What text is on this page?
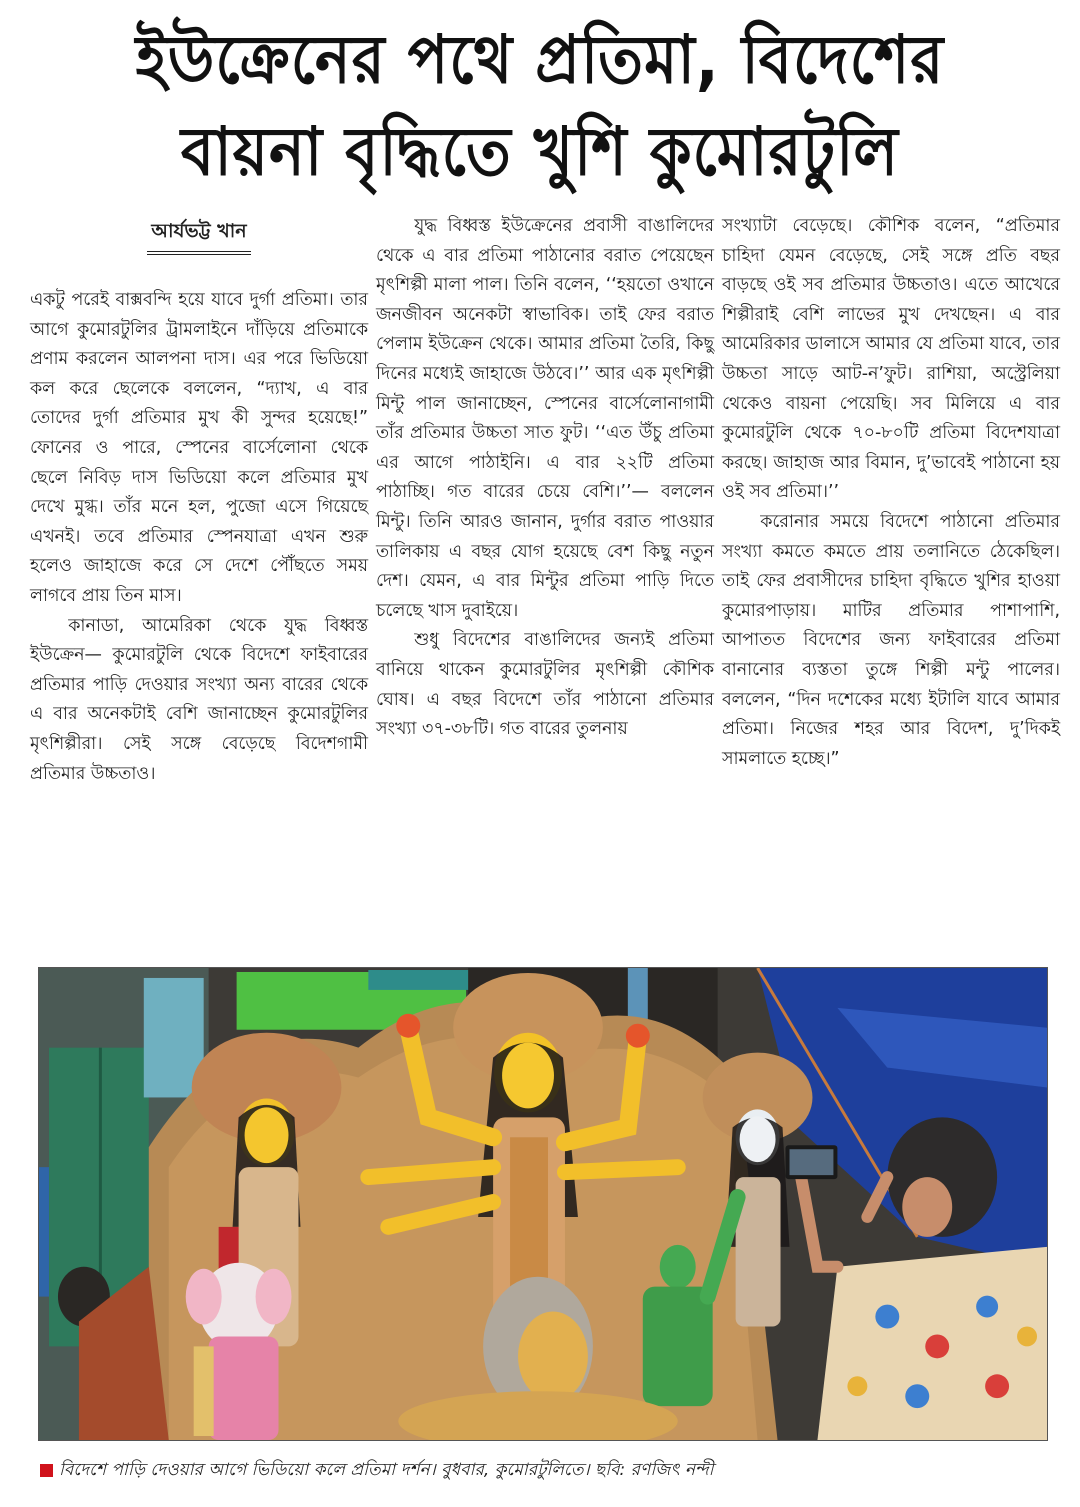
ইউক্রেনের পথে প্রতিমা, বিদেশের
বায়না বৃদ্ধিতে খুশি কুমোরটুলি
আর্যভট্ট খান

একটু পরেই বাক্সবন্দি হয়ে যাবে দুর্গা প্রতিমা। তার আগে কুমোরটুলির ট্রামলাইনে দাঁড়িয়ে প্রতিমাকে প্রণাম করলেন আলপনা দাস। এর পরে ভিডিয়ো কল করে ছেলেকে বললেন, “দ্যাখ, এ বার তোদের দুর্গা প্রতিমার মুখ কী সুন্দর হয়েছে!” ফোনের ও পারে, স্পেনের বার্সেলোনা থেকে ছেলে নিবিড় দাস ভিডিয়ো কলে প্রতিমার মুখ দেখে মুগ্ধ। তাঁর মনে হল, পুজো এসে গিয়েছে এখনই। তবে প্রতিমার স্পেনযাত্রা এখন শুরু হলেও জাহাজে করে সে দেশে পৌঁছতে সময় লাগবে প্রায় তিন মাস।

কানাডা, আমেরিকা থেকে যুদ্ধ বিধ্বস্ত ইউক্রেন— কুমোরটুলি থেকে বিদেশে ফাইবারের প্রতিমার পাড়ি দেওয়ার সংখ্যা অন্য বারের থেকে এ বার অনেকটাই বেশি জানাচ্ছেন কুমোরটুলির মৃৎশিল্পীরা। সেই সঙ্গে বেড়েছে বিদেশগামী প্রতিমার উচ্চতাও।

যুদ্ধ বিধ্বস্ত ইউক্রেনের প্রবাসী বাঙালিদের থেকে এ বার প্রতিমা পাঠানোর বরাত পেয়েছেন মৃৎশিল্পী মালা পাল। তিনি বলেন, ‘‘হয়তো ওখানে জনজীবন অনেকটা স্বাভাবিক। তাই ফের বরাত পেলাম ইউক্রেন থেকে। আমার প্রতিমা তৈরি, কিছু দিনের মধ্যেই জাহাজে উঠবে।’’ আর এক মৃৎশিল্পী মিন্টু পাল জানাচ্ছেন, স্পেনের বার্সেলোনাগামী তাঁর প্রতিমার উচ্চতা সাত ফুট। ‘‘এত উঁচু প্রতিমা এর আগে পাঠাইনি। এ বার ২২টি প্রতিমা পাঠাচ্ছি। গত বারের চেয়ে বেশি।’’— বললেন মিন্টু। তিনি আরও জানান, দুর্গার বরাত পাওয়ার তালিকায় এ বছর যোগ হয়েছে বেশ কিছু নতুন দেশ। যেমন, এ বার মিন্টুর প্রতিমা পাড়ি দিতে চলেছে খাস দুবাইয়ে।

শুধু বিদেশের বাঙালিদের জন্যই প্রতিমা বানিয়ে থাকেন কুমোরটুলির মৃৎশিল্পী কৌশিক ঘোষ। এ বছর বিদেশে তাঁর পাঠানো প্রতিমার সংখ্যা ৩৭-৩৮টি। গত বারের তুলনায়

সংখ্যাটা বেড়েছে। কৌশিক বলেন, “প্রতিমার চাহিদা যেমন বেড়েছে, সেই সঙ্গে প্রতি বছর বাড়ছে ওই সব প্রতিমার উচ্চতাও। এতে আখেরে শিল্পীরাই বেশি লাভের মুখ দেখছেন। এ বার আমেরিকার ডালাসে আমার যে প্রতিমা যাবে, তার উচ্চতা সাড়ে আট-ন’ফুট। রাশিয়া, অস্ট্রেলিয়া থেকেও বায়না পেয়েছি। সব মিলিয়ে এ বার কুমোরটুলি থেকে ৭০-৮০টি প্রতিমা বিদেশযাত্রা করছে। জাহাজ আর বিমান, দু’ভাবেই পাঠানো হয় ওই সব প্রতিমা।’’

করোনার সময়ে বিদেশে পাঠানো প্রতিমার সংখ্যা কমতে কমতে প্রায় তলানিতে ঠেকেছিল। তাই ফের প্রবাসীদের চাহিদা বৃদ্ধিতে খুশির হাওয়া কুমোরপাড়ায়। মাটির প্রতিমার পাশাপাশি, আপাতত বিদেশের জন্য ফাইবারের প্রতিমা বানানোর ব্যস্ততা তুঙ্গে শিল্পী মন্টু পালের। বললেন, “দিন দশেকের মধ্যে ইটালি যাবে আমার প্রতিমা। নিজের শহর আর বিদেশ, দু’দিকই সামলাতে হচ্ছে।”

বিদেশে পাড়ি দেওয়ার আগে ভিডিয়ো কলে প্রতিমা দর্শন। বুধবার, কুমোরটুলিতে। ছবি: রণজিৎ নন্দী
